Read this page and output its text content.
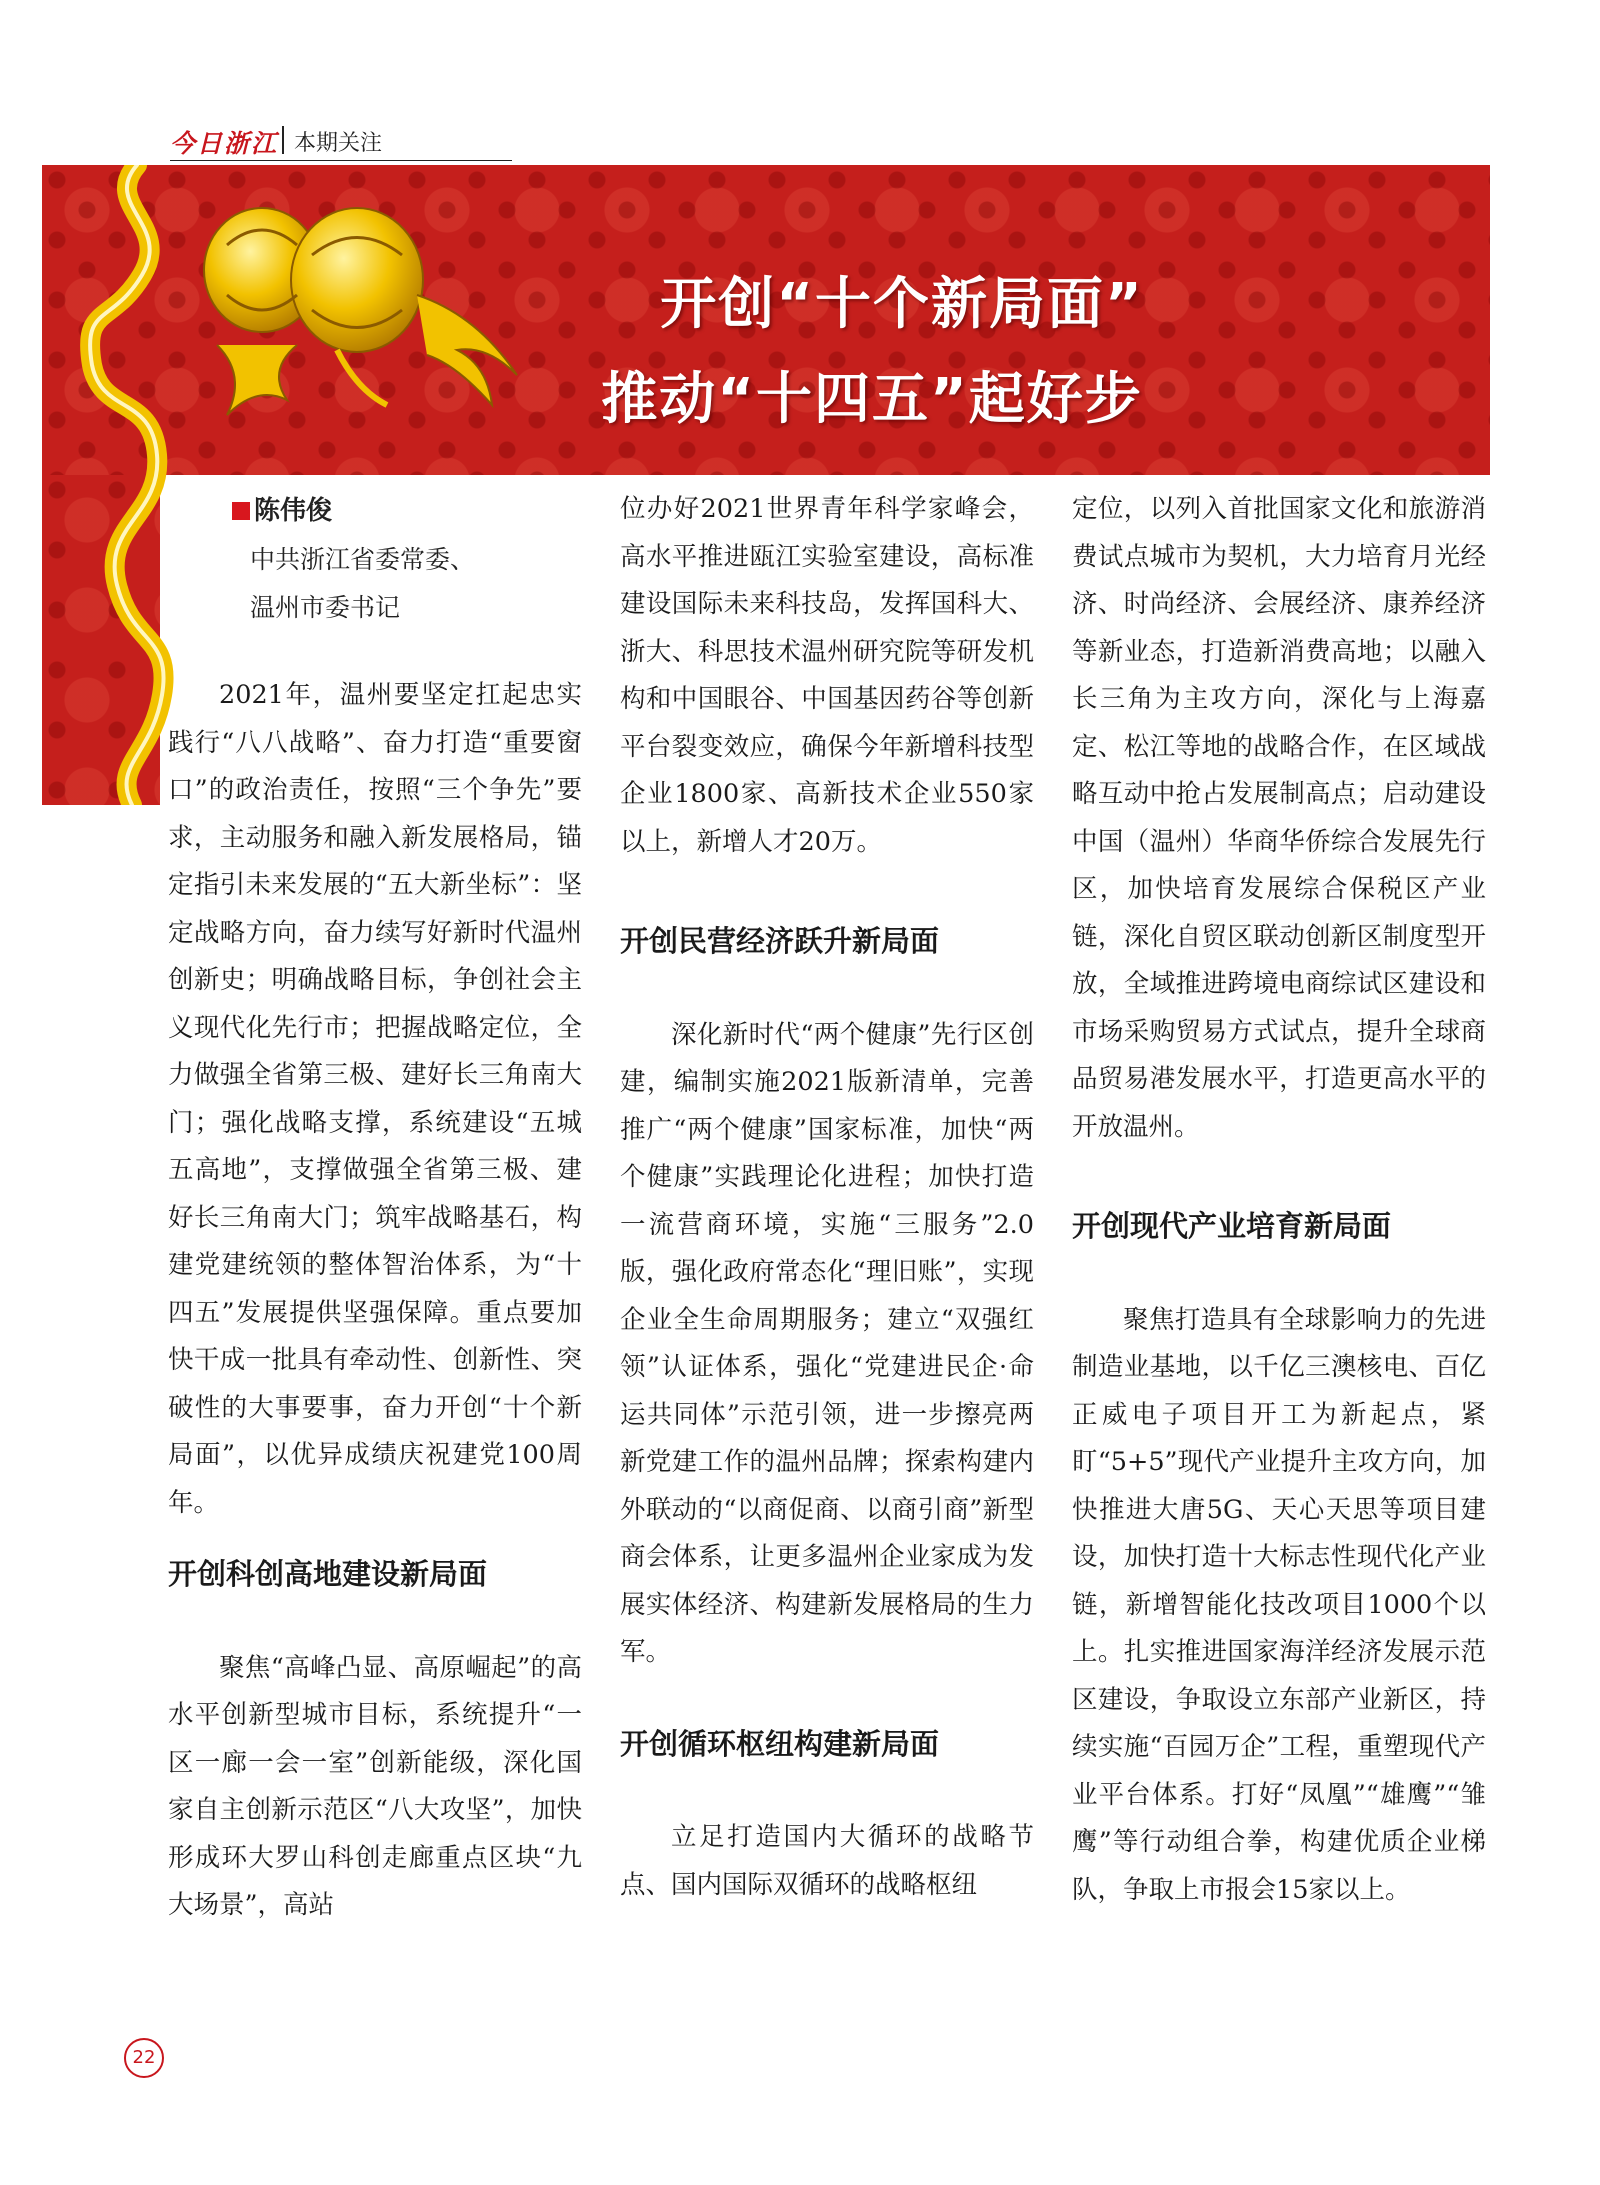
今日浙江 本期关注
开创“十个新局面”
推动“十四五”起好步
陈伟俊
中共浙江省委常委、
温州市委书记

2021年，温州要坚定扛起忠实践行“八八战略”、奋力打造“重要窗口”的政治责任，按照“三个争先”要求，主动服务和融入新发展格局，锚定指引未来发展的“五大新坐标”：坚定战略方向，奋力续写好新时代温州创新史；明确战略目标，争创社会主义现代化先行市；把握战略定位，全力做强全省第三极、建好长三角南大门；强化战略支撑，系统建设“五城五高地”，支撑做强全省第三极、建好长三角南大门；筑牢战略基石，构建党建统领的整体智治体系，为“十四五”发展提供坚强保障。重点要加快干成一批具有牵动性、创新性、突破性的大事要事，奋力开创“十个新局面”，以优异成绩庆祝建党100周年。

开创科创高地建设新局面

聚焦“高峰凸显、高原崛起”的高水平创新型城市目标，系统提升“一区一廊一会一室”创新能级，深化国家自主创新示范区“八大攻坚”，加快形成环大罗山科创走廊重点区块“九大场景”，高站

位办好2021世界青年科学家峰会，高水平推进瓯江实验室建设，高标准建设国际未来科技岛，发挥国科大、浙大、科思技术温州研究院等研发机构和中国眼谷、中国基因药谷等创新平台裂变效应，确保今年新增科技型企业1800家、高新技术企业550家以上，新增人才20万。

开创民营经济跃升新局面

深化新时代“两个健康”先行区创建，编制实施2021版新清单，完善推广“两个健康”国家标准，加快“两个健康”实践理论化进程；加快打造一流营商环境，实施“三服务”2.0版，强化政府常态化“理旧账”，实现企业全生命周期服务；建立“双强红领”认证体系，强化“党建进民企·命运共同体”示范引领，进一步擦亮两新党建工作的温州品牌；探索构建内外联动的“以商促商、以商引商”新型商会体系，让更多温州企业家成为发展实体经济、构建新发展格局的生力军。

开创循环枢纽构建新局面

立足打造国内大循环的战略节点、国内国际双循环的战略枢纽

定位，以列入首批国家文化和旅游消费试点城市为契机，大力培育月光经济、时尚经济、会展经济、康养经济等新业态，打造新消费高地；以融入长三角为主攻方向，深化与上海嘉定、松江等地的战略合作，在区域战略互动中抢占发展制高点；启动建设中国（温州）华商华侨综合发展先行区，加快培育发展综合保税区产业链，深化自贸区联动创新区制度型开放，全域推进跨境电商综试区建设和市场采购贸易方式试点，提升全球商品贸易港发展水平，打造更高水平的开放温州。

开创现代产业培育新局面

聚焦打造具有全球影响力的先进制造业基地，以千亿三澳核电、百亿正威电子项目开工为新起点，紧盯“5+5”现代产业提升主攻方向，加快推进大唐5G、天心天思等项目建设，加快打造十大标志性现代化产业链，新增智能化技改项目1000个以上。扎实推进国家海洋经济发展示范区建设，争取设立东部产业新区，持续实施“百园万企”工程，重塑现代产业平台体系。打好“凤凰”“雄鹰”“雏鹰”等行动组合拳，构建优质企业梯队，争取上市报会15家以上。

22
